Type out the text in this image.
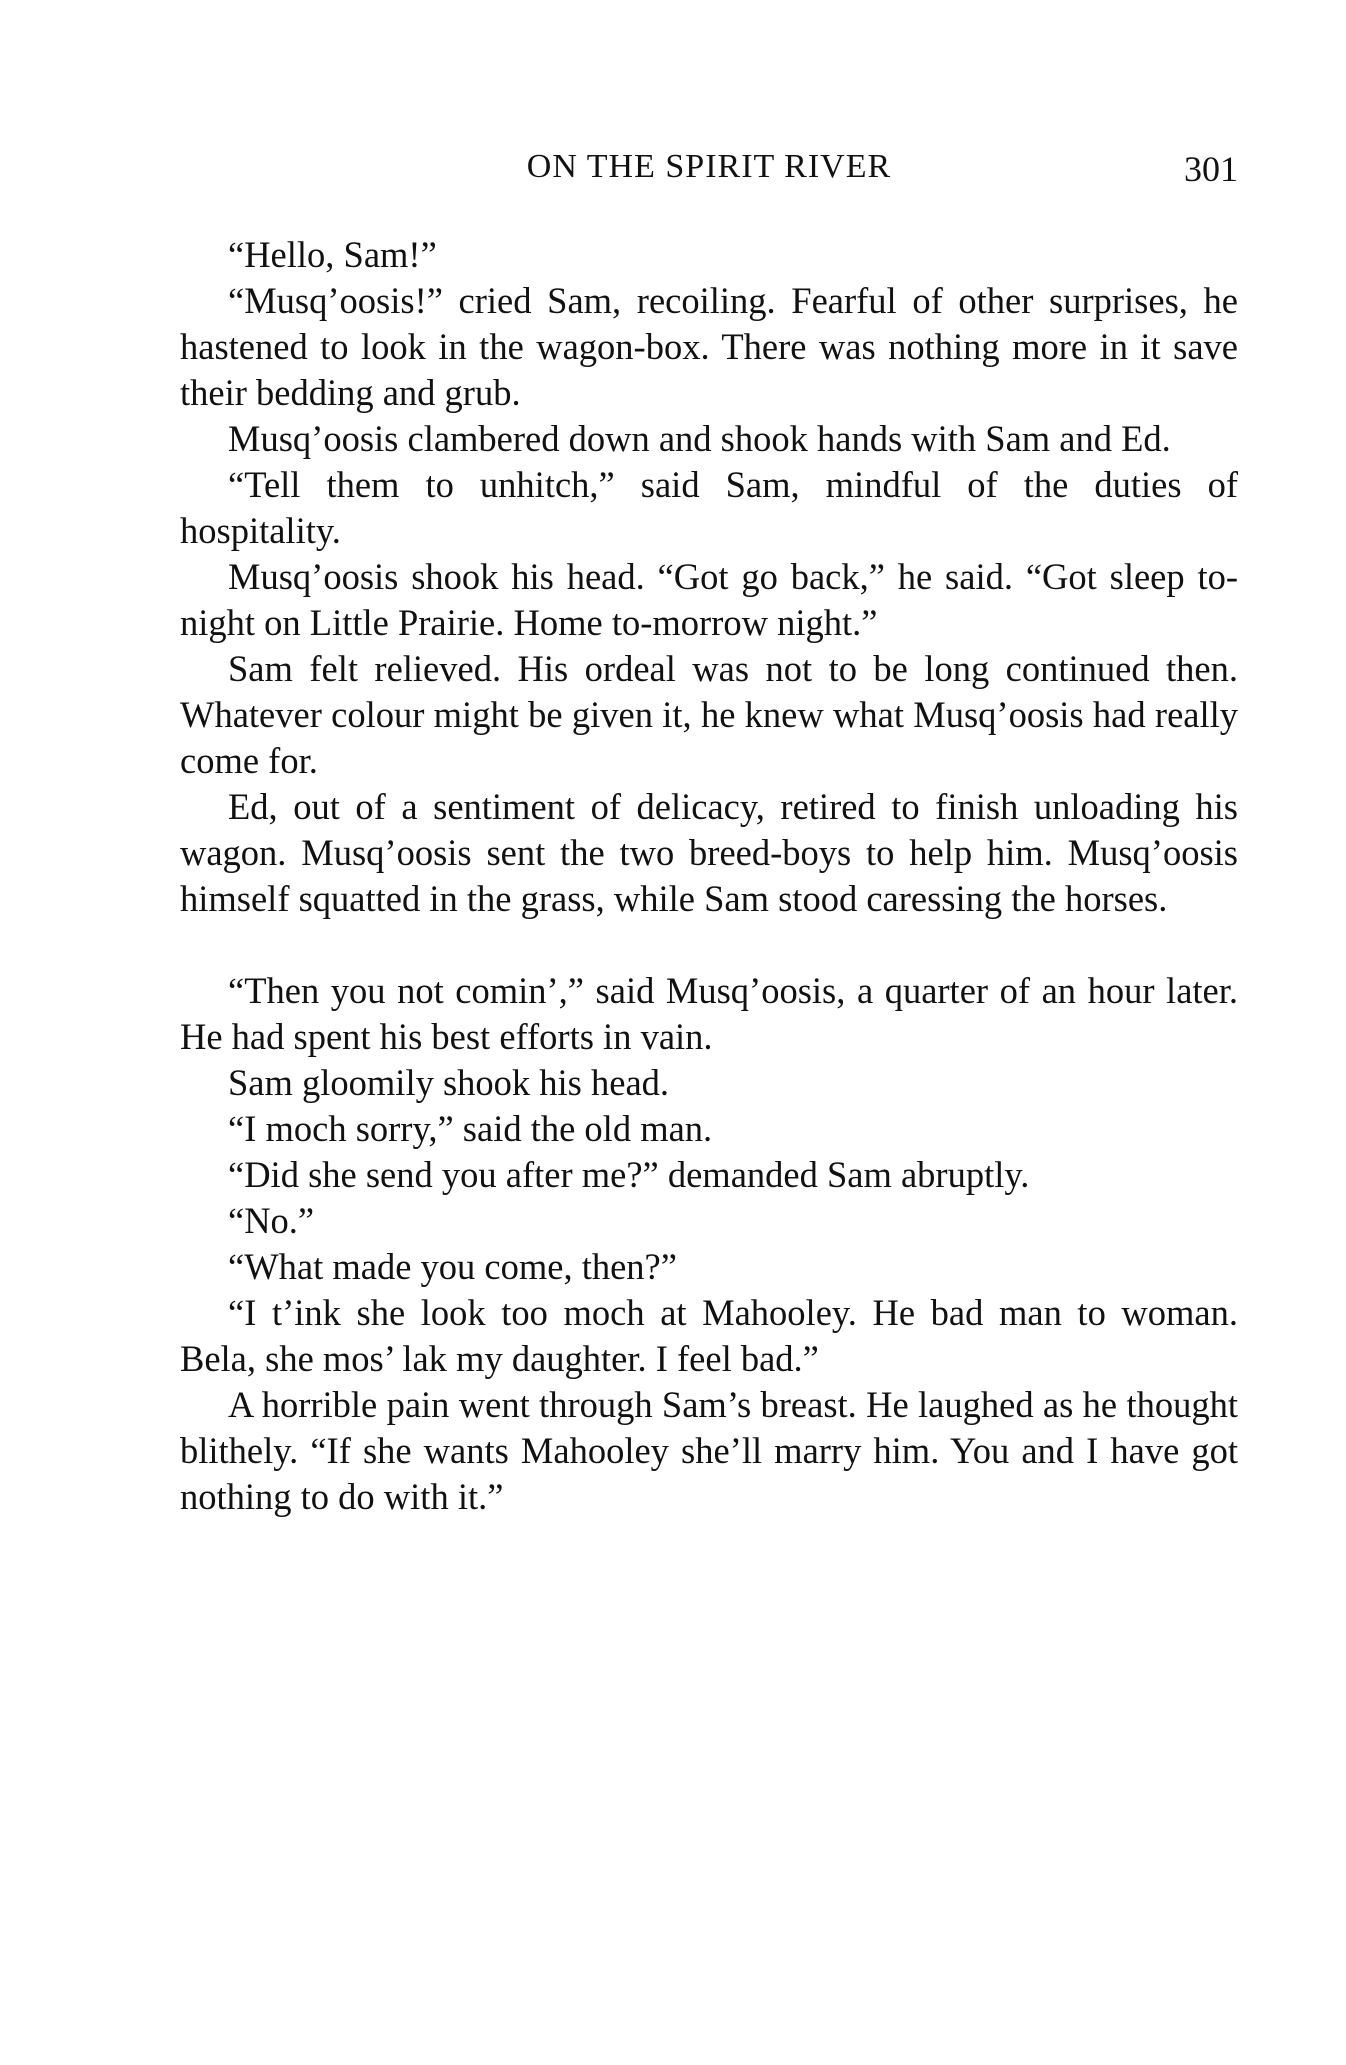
ON THE SPIRIT RIVER	301

“Hello, Sam!”

“Musq’oosis!” cried Sam, recoiling. Fearful of other surprises, he hastened to look in the wagon-box. There was nothing more in it save their bedding and grub.

Musq’oosis clambered down and shook hands with Sam and Ed.

“Tell them to unhitch,” said Sam, mindful of the duties of hospitality.

Musq’oosis shook his head. “Got go back,” he said. “Got sleep to-night on Little Prairie. Home to-morrow night.”

Sam felt relieved. His ordeal was not to be long continued then. Whatever colour might be given it, he knew what Musq’oosis had really come for.

Ed, out of a sentiment of delicacy, retired to finish unloading his wagon. Musq’oosis sent the two breed-boys to help him. Musq’oosis himself squatted in the grass, while Sam stood caressing the horses.

“Then you not comin’,” said Musq’oosis, a quarter of an hour later. He had spent his best efforts in vain.

Sam gloomily shook his head.

“I moch sorry,” said the old man.

“Did she send you after me?” demanded Sam abruptly.

“No.”

“What made you come, then?”

“I t’ink she look too moch at Mahooley. He bad man to woman. Bela, she mos’ lak my daughter. I feel bad.”

A horrible pain went through Sam’s breast. He laughed as he thought blithely. “If she wants Mahooley she’ll marry him. You and I have got nothing to do with it.”
